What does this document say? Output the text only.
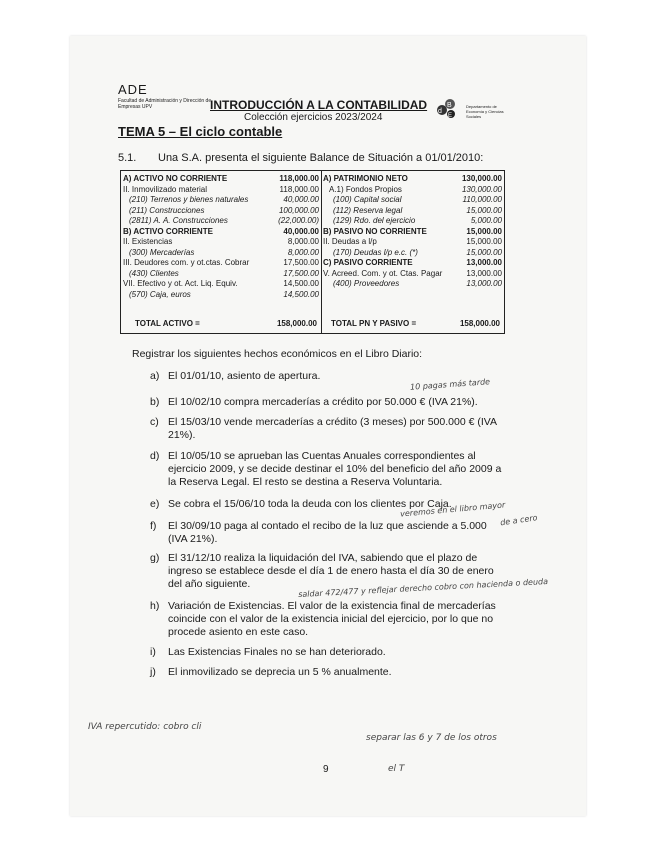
ADE
Facultad de Administración y Dirección de Empresas UPV	INTRODUCCIÓN A LA CONTABILIDAD
Colección ejercicios 2023/2024
d
B
E
Departamento de Economía y Ciencias Sociales
TEMA 5 – El ciclo contable
5.1. Una S.A. presenta el siguiente Balance de Situación a 01/01/2010:
A) ACTIVO NO CORRIENTE	118,000.00
II. Inmovilizado material	118,000.00
(210) Terrenos y bienes naturales	40,000.00
(211) Construcciones	100,000.00
(2811) A. A. Construcciones	(22,000.00)
B) ACTIVO CORRIENTE	40,000.00
II. Existencias	8,000.00
(300) Mercaderías	8,000.00
III. Deudores com. y ot.ctas. Cobrar	17,500.00
(430) Clientes	17,500.00
VII. Efectivo y ot. Act. Liq. Equiv.	14,500.00
(570) Caja, euros	14,500.00
A) PATRIMONIO NETO	130,000.00
A.1) Fondos Propios	130,000.00
(100) Capital social	110,000.00
(112) Reserva legal	15,000.00
(129) Rdo. del ejercicio	5,000.00
B) PASIVO NO CORRIENTE	15,000.00
II. Deudas a l/p	15,000.00
(170) Deudas l/p e.c. (*)	15,000.00
C) PASIVO CORRIENTE	13,000.00
V. Acreed. Com. y ot. Ctas. Pagar	13,000.00
(400) Proveedores	13,000.00
TOTAL ACTIVO =	158,000.00 TOTAL PN Y PASIVO =	158,000.00
Registrar los siguientes hechos económicos en el Libro Diario:
a) El 01/01/10, asiento de apertura.
b) El 10/02/10 compra mercaderías a crédito por 50.000 € (IVA 21%).
c) El 15/03/10 vende mercaderías a crédito (3 meses) por 500.000 € (IVA 21%).
d) El 10/05/10 se aprueban las Cuentas Anuales correspondientes al ejercicio 2009, y se decide destinar el 10% del beneficio del año 2009 a la Reserva Legal. El resto se destina a Reserva Voluntaria.
e) Se cobra el 15/06/10 toda la deuda con los clientes por Caja.
f) El 30/09/10 paga al contado el recibo de la luz que asciende a 5.000 (IVA 21%).
g) El 31/12/10 realiza la liquidación del IVA, sabiendo que el plazo de ingreso se establece desde el día 1 de enero hasta el día 30 de enero del año siguiente.
h) Variación de Existencias. El valor de la existencia final de mercaderías coincide con el valor de la existencia inicial del ejercicio, por lo que no procede asiento en este caso.
i) Las Existencias Finales no se han deteriorado.
j) El inmovilizado se deprecia un 5 % anualmente.
10 pagas más tarde
veremos en el libro mayor
de a cero
saldar 472/477 y reflejar derecho cobro con hacienda o deuda
IVA repercutido: cobro cli
separar las 6 y 7 de los otros
el T
9
